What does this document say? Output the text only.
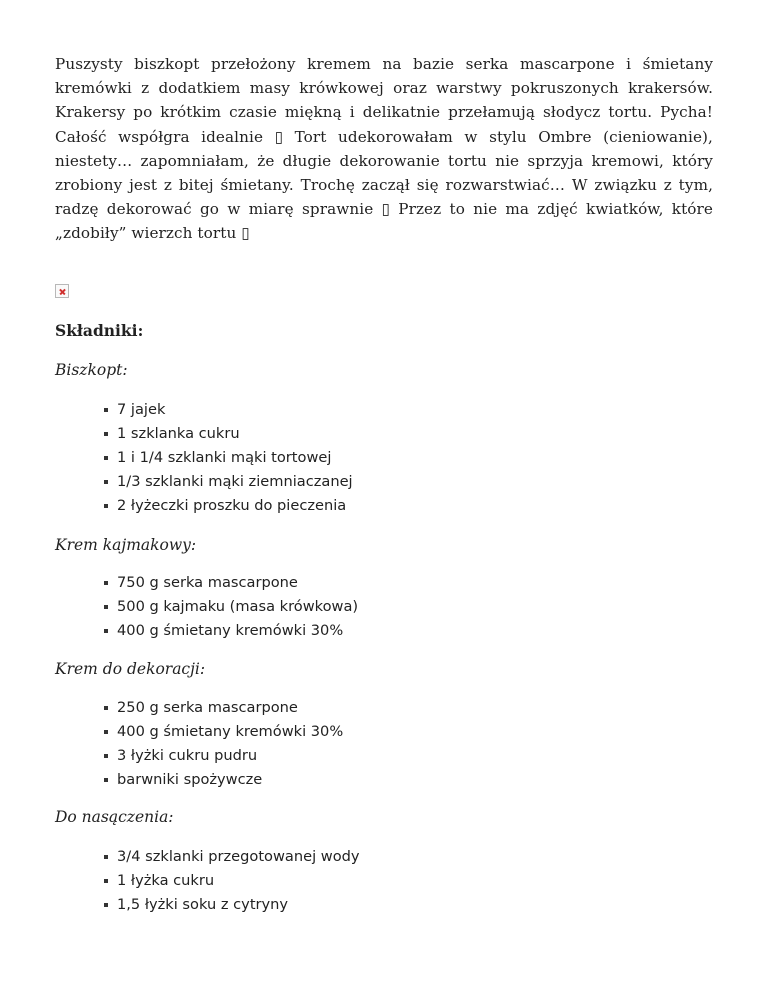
Puszysty biszkopt przełożony kremem na bazie serka mascarpone i śmietany kremówki z dodatkiem masy krówkowej oraz warstwy pokruszonych krakersów. Krakersy po krótkim czasie miękną i delikatnie przełamują słodycz tortu. Pycha! Całość współgra idealnie ▯ Tort udekorowałam w stylu Ombre (cieniowanie), niestety… zapomniałam, że długie dekorowanie tortu nie sprzyja kremowi, który zrobiony jest z bitej śmietany. Trochę zaczął się rozwarstwiać… W związku z tym, radzę dekorować go w miarę sprawnie ▯ Przez to nie ma zdjęć kwiatków, które „zdobiły” wierzch tortu ▯

Składniki:

Biszkopt:

7 jajek
1 szklanka cukru
1 i 1/4 szklanki mąki tortowej
1/3 szklanki mąki ziemniaczanej
2 łyżeczki proszku do pieczenia

Krem kajmakowy:

750 g serka mascarpone
500 g kajmaku (masa krówkowa)
400 g śmietany kremówki 30%

Krem do dekoracji:

250 g serka mascarpone
400 g śmietany kremówki 30%
3 łyżki cukru pudru
barwniki spożywcze

Do nasączenia:

3/4 szklanki przegotowanej wody
1 łyżka cukru
1,5 łyżki soku z cytryny
